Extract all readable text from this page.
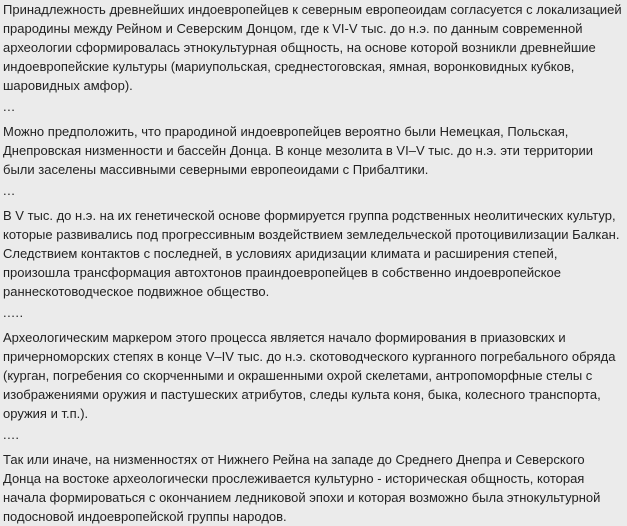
Принадлежность древнейших индоевропейцев к северным европеоидам согласуется с локализацией прародины между Рейном и Северским Донцом, где к VI-V тыс. до н.э. по данным современной археологии сформировалась этнокультурная общность, на основе которой возникли древнейшие индоевропейские культуры (мариупольская, среднестоговская, ямная, воронковидных кубков, шаровидных амфор).

...

Можно предположить, что прародиной индоевропейцев вероятно были Немецкая, Польская, Днепровская низменности и бассейн Донца. В конце мезолита в VI–V тыс. до н.э. эти территории были заселены массивными северными европеоидами с Прибалтики.

...

В V тыс. до н.э. на их генетической основе формируется группа родственных неолитических культур, которые развивались под прогрессивным воздействием земледельческой протоцивилизации Балкан. Следствием контактов с последней, в условиях аридизации климата и расширения степей, произошла трансформация автохтонов праиндоевропейцев в собственно индоевропейское раннескотоводческое подвижное общество.

.....

Археологическим маркером этого процесса является начало формирования в приазовских и причерноморских степях в конце V–IV тыс. до н.э. скотоводческого курганного погребального обряда (курган, погребения со скорченными и окрашенными охрой скелетами, антропоморфные стелы с изображениями оружия и пастушеских атрибутов, следы культа коня, быка, колесного транспорта, оружия и т.п.).

....

Так или иначе, на низменностях от Нижнего Рейна на западе до Среднего Днепра и Северского Донца на востоке археологически прослеживается культурно - историческая общность, которая начала формироваться с окончанием ледниковой эпохи и которая возможно была этнокультурной подосновой индоевропейской группы народов.
